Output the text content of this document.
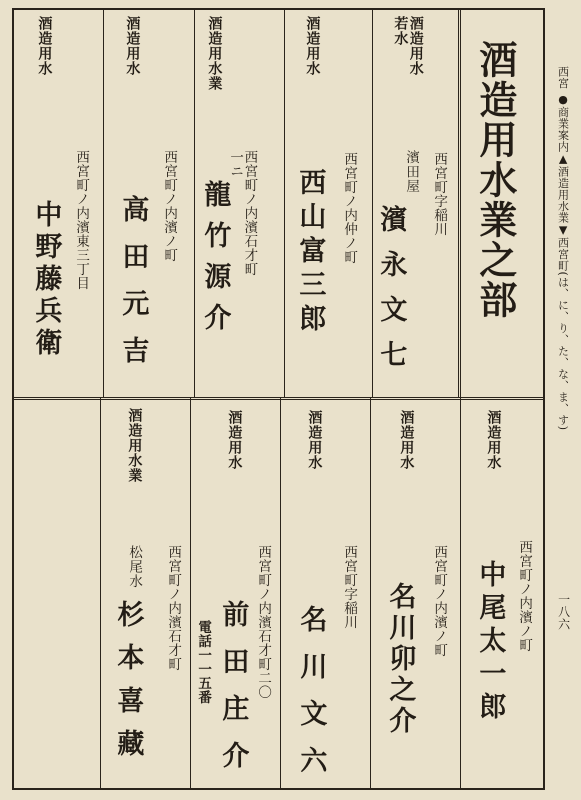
酒造用水業之部
酒造用水
若水
西宮町字稲川
濱田屋
濱永文七
酒造用水
西宮町ノ内仲ノ町
西山富三郎
酒造用水業
西宮町ノ内濱石才町
一ニ
龍竹源介
酒造用水
西宮町ノ内濱ノ町
高田元吉
酒造用水
西宮町ノ内濱東三丁目
中野藤兵衛
酒造用水
西宮町ノ内濱ノ町
中尾太一郎
酒造用水
西宮町ノ内濱ノ町
名川卯之介
酒造用水
西宮町字稲川
名川文六
酒造用水
西宮町ノ内濱石才町二〇
前田庄介
電話一一五番
酒造用水業
西宮町ノ内濱石才町
松尾水
杉本喜藏
西宮 ●商業案内▲酒造用水業▼西宮町(は、に、り、た、な、ま、す)
一八六
